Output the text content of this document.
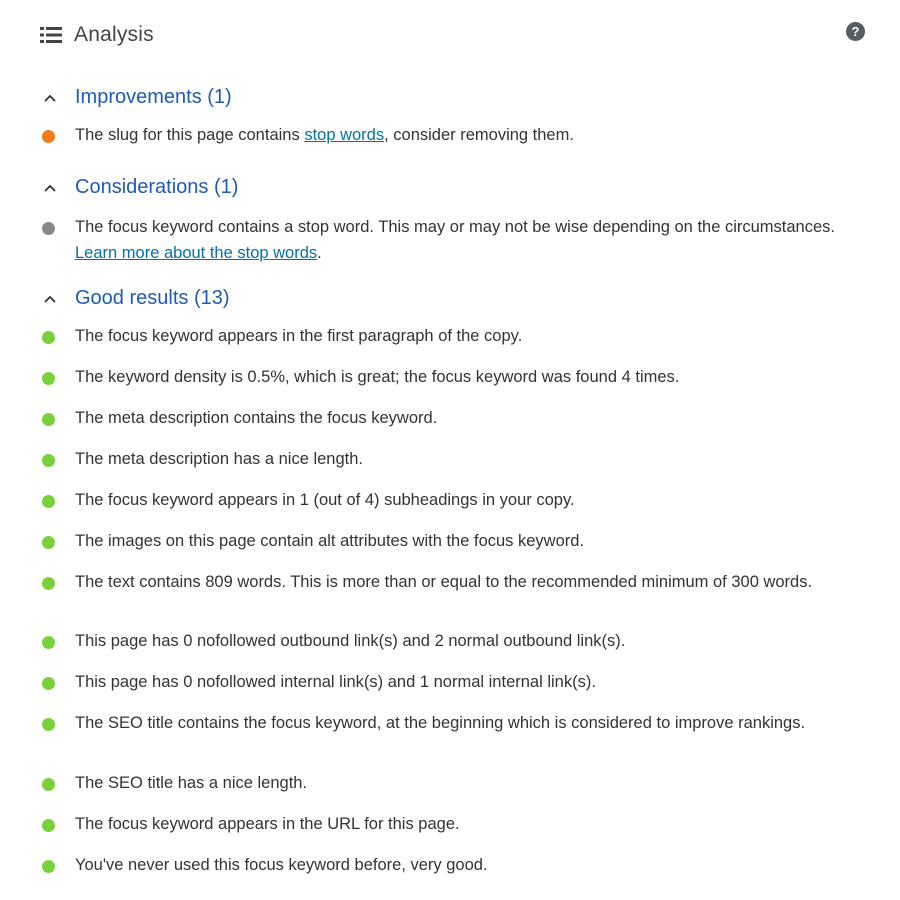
Analysis	?
Improvements (1)
The slug for this page contains stop words, consider removing them.
Considerations (1)
The focus keyword contains a stop word. This may or may not be wise depending on the circumstances. Learn more about the stop words.
Good results (13)
The focus keyword appears in the first paragraph of the copy.
The keyword density is 0.5%, which is great; the focus keyword was found 4 times.
The meta description contains the focus keyword.
The meta description has a nice length.
The focus keyword appears in 1 (out of 4) subheadings in your copy.
The images on this page contain alt attributes with the focus keyword.
The text contains 809 words. This is more than or equal to the recommended minimum of 300 words.
This page has 0 nofollowed outbound link(s) and 2 normal outbound link(s).
This page has 0 nofollowed internal link(s) and 1 normal internal link(s).
The SEO title contains the focus keyword, at the beginning which is considered to improve rankings.
The SEO title has a nice length.
The focus keyword appears in the URL for this page.
You've never used this focus keyword before, very good.
